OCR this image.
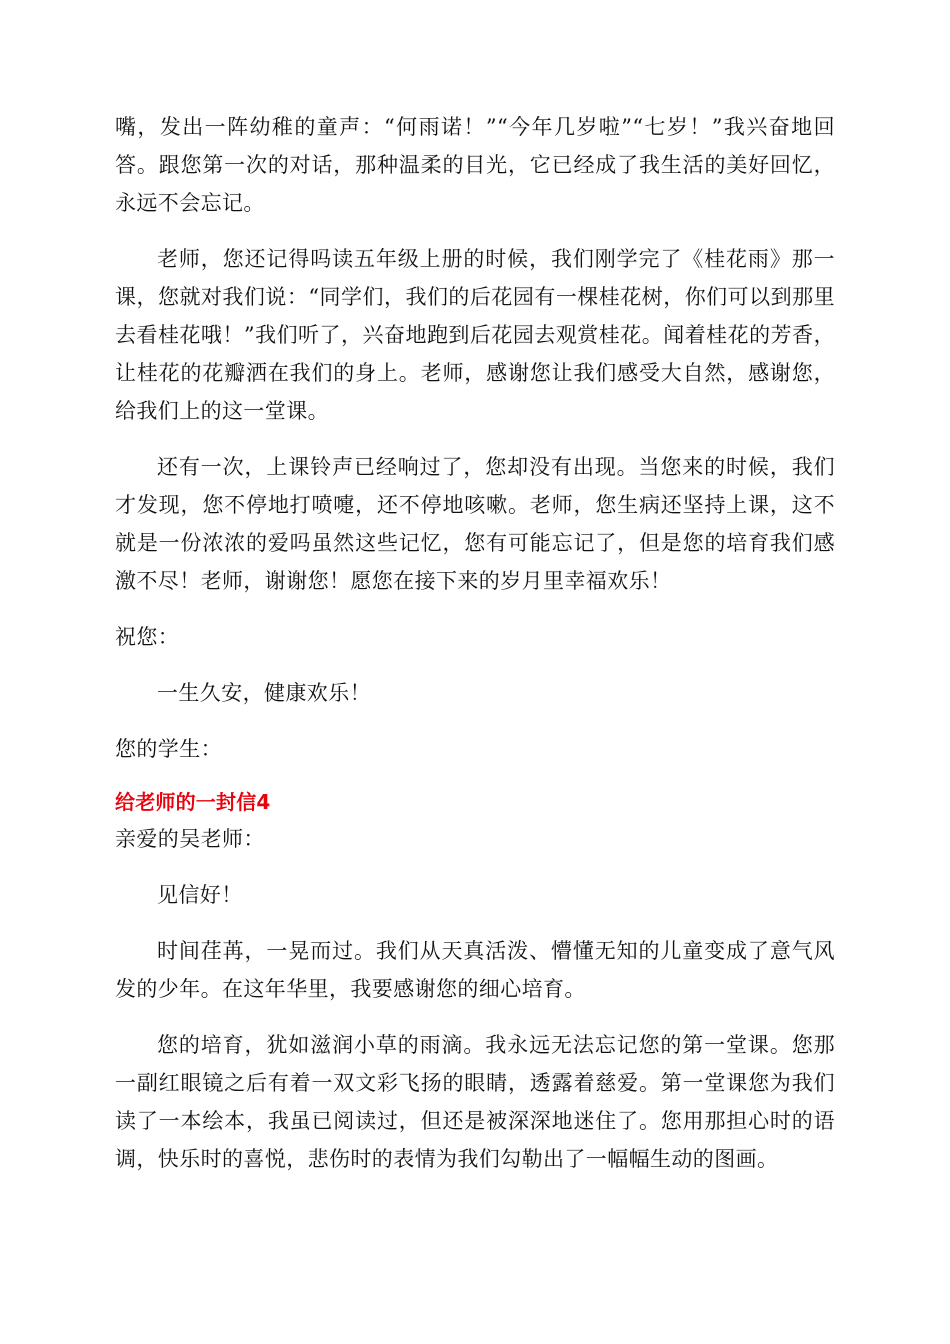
嘴，发出一阵幼稚的童声：“何雨诺！”“今年几岁啦”“七岁！”我兴奋地回答。跟您第一次的对话，那种温柔的目光，它已经成了我生活的美好回忆，永远不会忘记。

老师，您还记得吗读五年级上册的时候，我们刚学完了《桂花雨》那一课，您就对我们说：“同学们，我们的后花园有一棵桂花树，你们可以到那里去看桂花哦！”我们听了，兴奋地跑到后花园去观赏桂花。闻着桂花的芳香，让桂花的花瓣洒在我们的身上。老师，感谢您让我们感受大自然，感谢您，给我们上的这一堂课。

还有一次，上课铃声已经响过了，您却没有出现。当您来的时候，我们才发现，您不停地打喷嚏，还不停地咳嗽。老师，您生病还坚持上课，这不就是一份浓浓的爱吗虽然这些记忆，您有可能忘记了，但是您的培育我们感激不尽！老师，谢谢您！愿您在接下来的岁月里幸福欢乐！

祝您：

一生久安，健康欢乐！

您的学生：

给老师的一封信4

亲爱的吴老师：

见信好！

时间荏苒，一晃而过。我们从天真活泼、懵懂无知的儿童变成了意气风发的少年。在这年华里，我要感谢您的细心培育。

您的培育，犹如滋润小草的雨滴。我永远无法忘记您的第一堂课。您那一副红眼镜之后有着一双文彩飞扬的眼睛，透露着慈爱。第一堂课您为我们读了一本绘本，我虽已阅读过，但还是被深深地迷住了。您用那担心时的语调，快乐时的喜悦，悲伤时的表情为我们勾勒出了一幅幅生动的图画。
